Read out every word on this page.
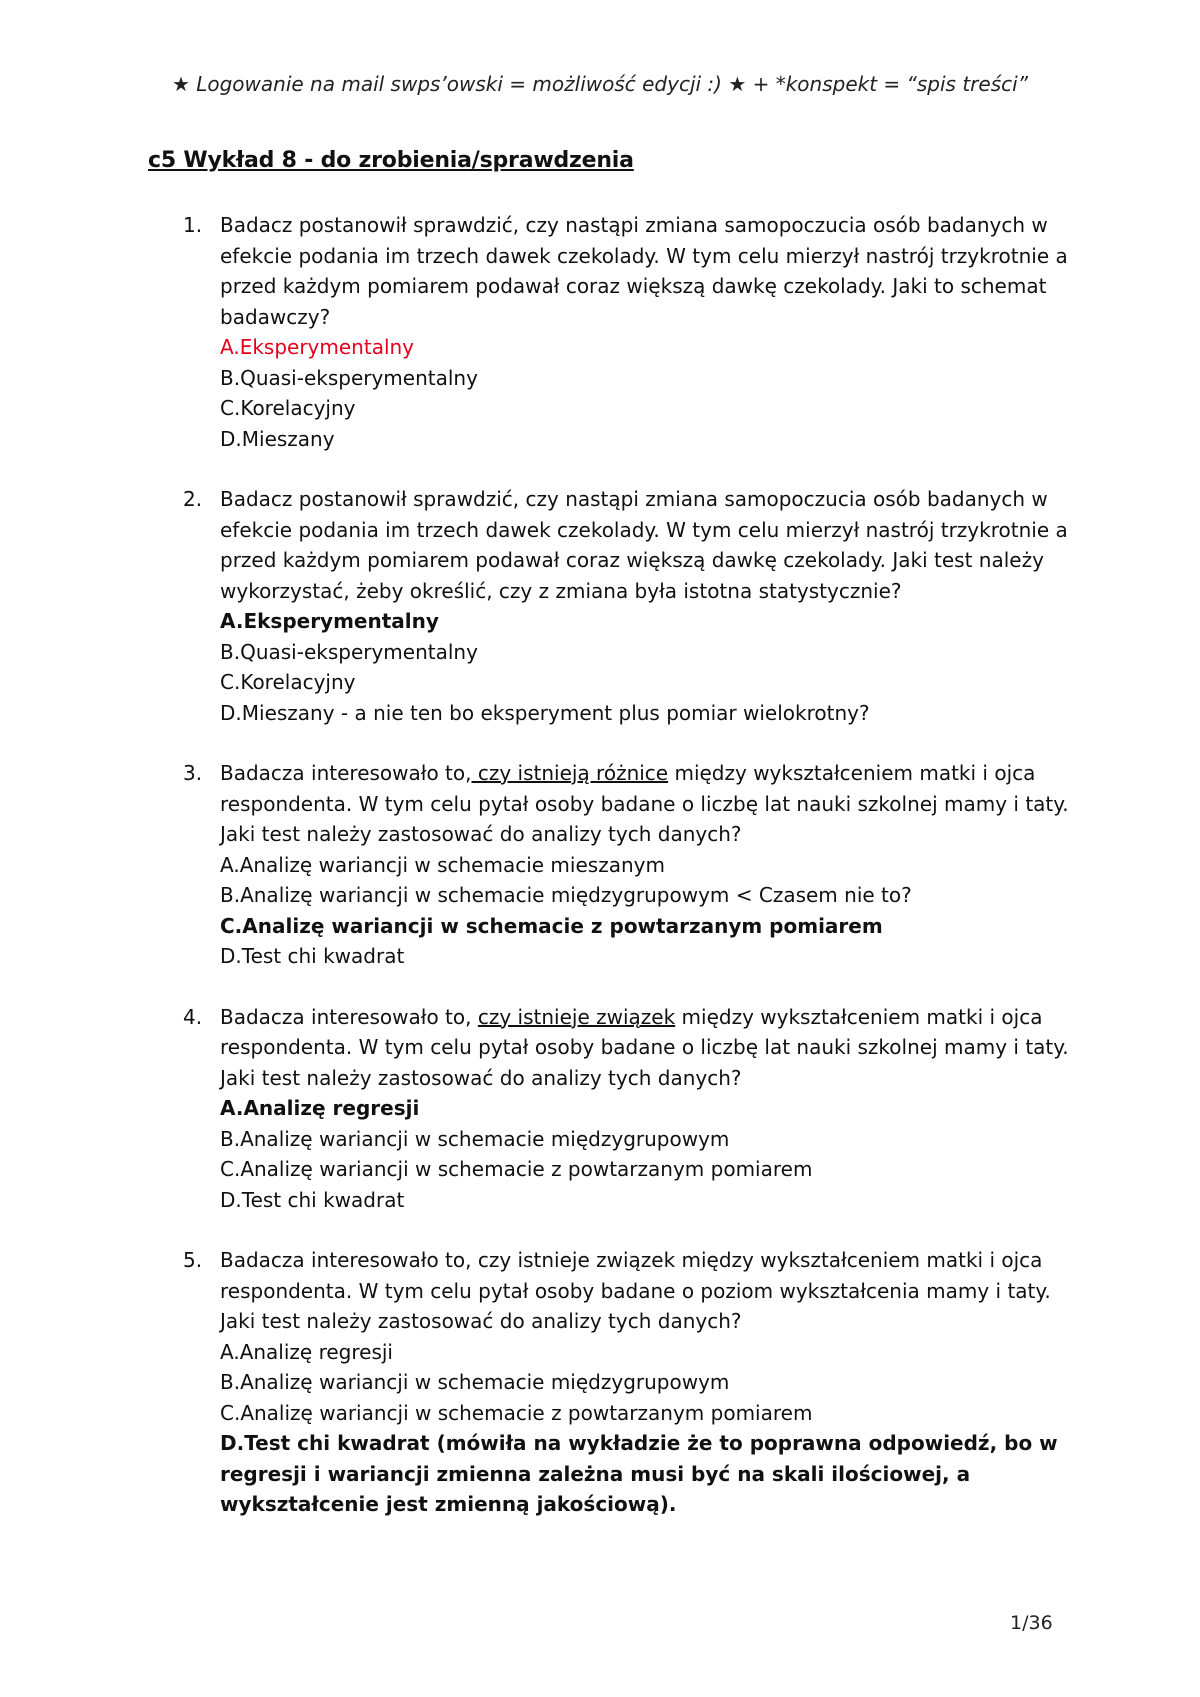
★ Logowanie na mail swps’owski = możliwość edycji :) ★ + *konspekt = “spis treści”
c5 Wykład 8 - do zrobienia/sprawdzenia
1. Badacz postanowił sprawdzić, czy nastąpi zmiana samopoczucia osób badanych w efekcie podania im trzech dawek czekolady. W tym celu mierzył nastrój trzykrotnie a przed każdym pomiarem podawał coraz większą dawkę czekolady. Jaki to schemat badawczy?
A.Eksperymentalny
B.Quasi-eksperymentalny
C.Korelacyjny
D.Mieszany
2. Badacz postanowił sprawdzić, czy nastąpi zmiana samopoczucia osób badanych w efekcie podania im trzech dawek czekolady. W tym celu mierzył nastrój trzykrotnie a przed każdym pomiarem podawał coraz większą dawkę czekolady. Jaki test należy wykorzystać, żeby określić, czy z zmiana była istotna statystycznie?
A.Eksperymentalny
B.Quasi-eksperymentalny
C.Korelacyjny
D.Mieszany - a nie ten bo eksperyment plus pomiar wielokrotny?
3. Badacza interesowało to, czy istnieją różnice między wykształceniem matki i ojca respondenta. W tym celu pytał osoby badane o liczbę lat nauki szkolnej mamy i taty. Jaki test należy zastosować do analizy tych danych?
A.Analizę wariancji w schemacie mieszanym
B.Analizę wariancji w schemacie międzygrupowym < Czasem nie to?
C.Analizę wariancji w schemacie z powtarzanym pomiarem
D.Test chi kwadrat
4. Badacza interesowało to, czy istnieje związek między wykształceniem matki i ojca respondenta. W tym celu pytał osoby badane o liczbę lat nauki szkolnej mamy i taty. Jaki test należy zastosować do analizy tych danych?
A.Analizę regresji
B.Analizę wariancji w schemacie międzygrupowym
C.Analizę wariancji w schemacie z powtarzanym pomiarem
D.Test chi kwadrat
5. Badacza interesowało to, czy istnieje związek między wykształceniem matki i ojca respondenta. W tym celu pytał osoby badane o poziom wykształcenia mamy i taty. Jaki test należy zastosować do analizy tych danych?
A.Analizę regresji
B.Analizę wariancji w schemacie międzygrupowym
C.Analizę wariancji w schemacie z powtarzanym pomiarem
D.Test chi kwadrat (mówiła na wykładzie że to poprawna odpowiedź, bo w regresji i wariancji zmienna zależna musi być na skali ilościowej, a wykształcenie jest zmienną jakościową).
1/36
